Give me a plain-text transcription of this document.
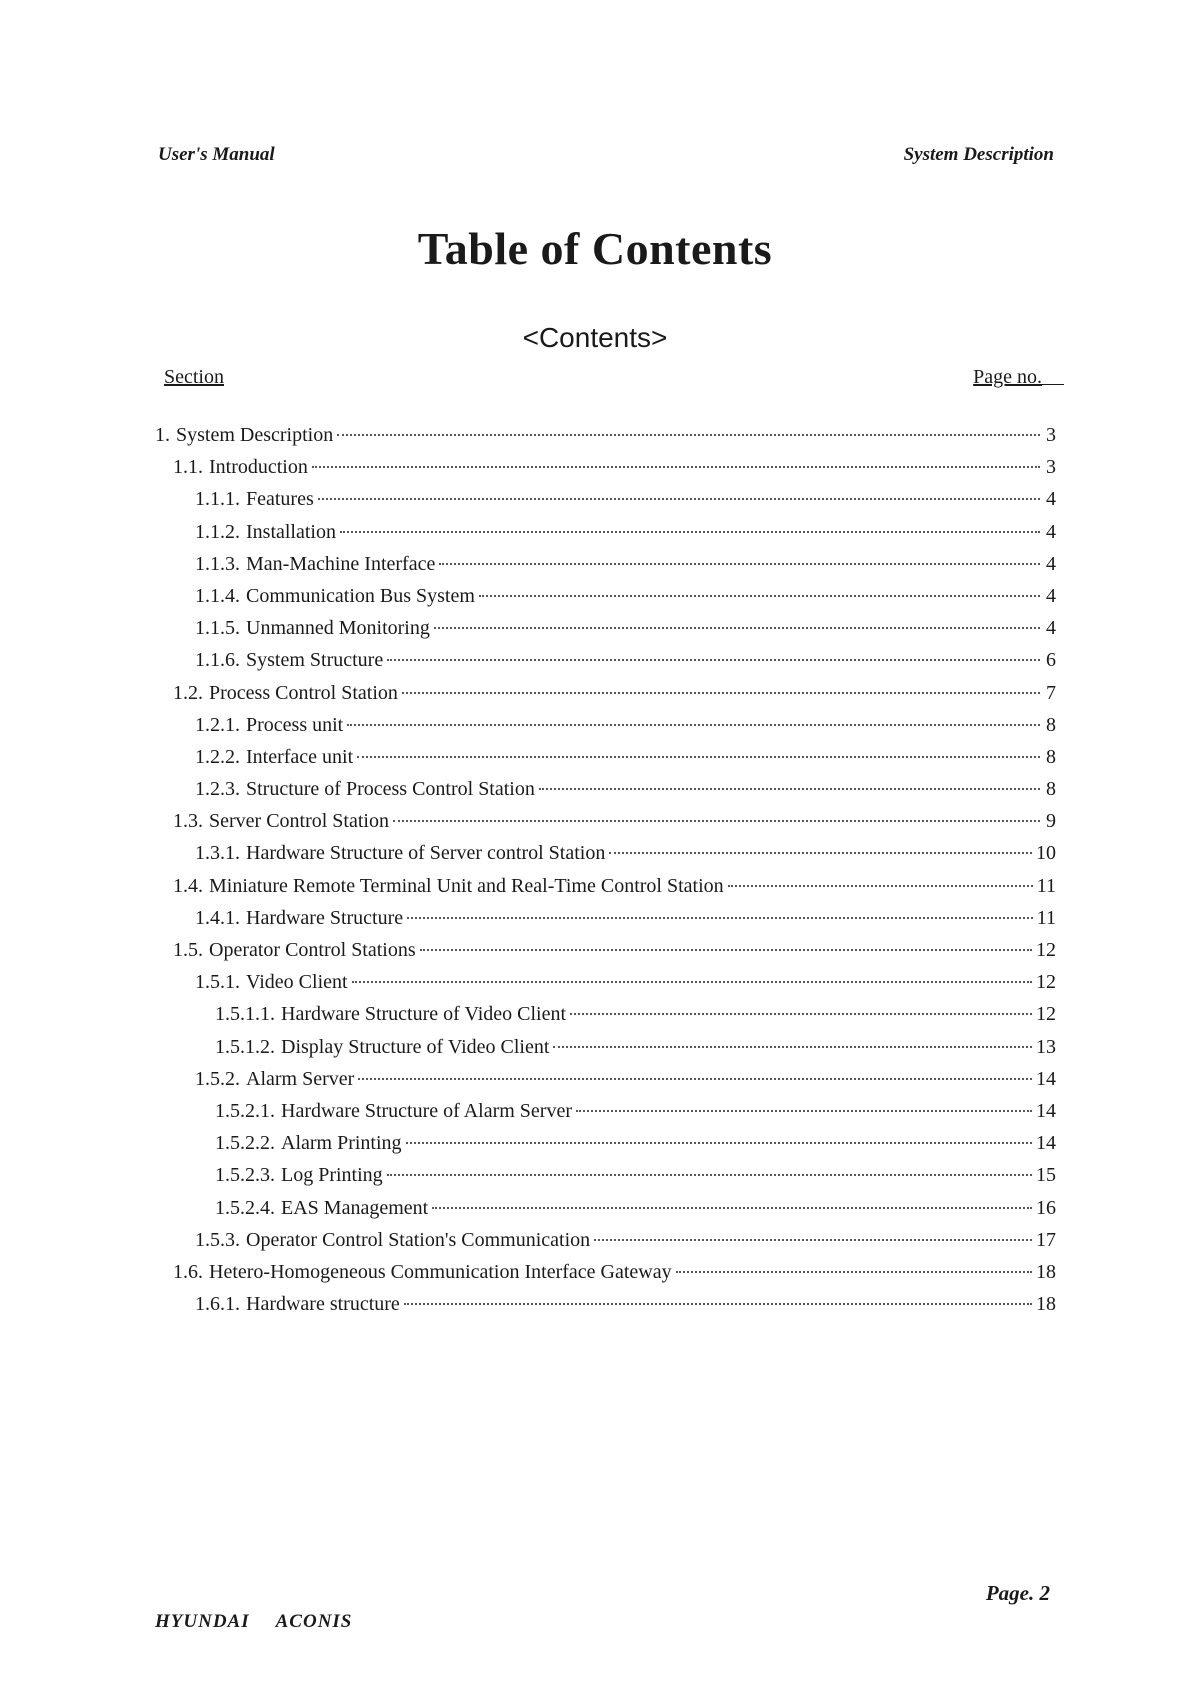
User's Manual	System Description
Table of Contents
<Contents>
Section	Page no.
1. System Description	3
1.1. Introduction	3
1.1.1. Features	4
1.1.2. Installation	4
1.1.3. Man-Machine Interface	4
1.1.4. Communication Bus System	4
1.1.5. Unmanned Monitoring	4
1.1.6. System Structure	6
1.2. Process Control Station	7
1.2.1. Process unit	8
1.2.2. Interface unit	8
1.2.3. Structure of Process Control Station	8
1.3. Server Control Station	9
1.3.1. Hardware Structure of Server control Station	10
1.4. Miniature Remote Terminal Unit and Real-Time Control Station	11
1.4.1. Hardware Structure	11
1.5. Operator Control Stations	12
1.5.1. Video Client	12
1.5.1.1. Hardware Structure of Video Client	12
1.5.1.2. Display Structure of Video Client	13
1.5.2. Alarm Server	14
1.5.2.1. Hardware Structure of Alarm Server	14
1.5.2.2. Alarm Printing	14
1.5.2.3. Log Printing	15
1.5.2.4. EAS Management	16
1.5.3. Operator Control Station's Communication	17
1.6. Hetero-Homogeneous Communication Interface Gateway	18
1.6.1. Hardware structure	18
HYUNDAI ACONIS
Page. 2
